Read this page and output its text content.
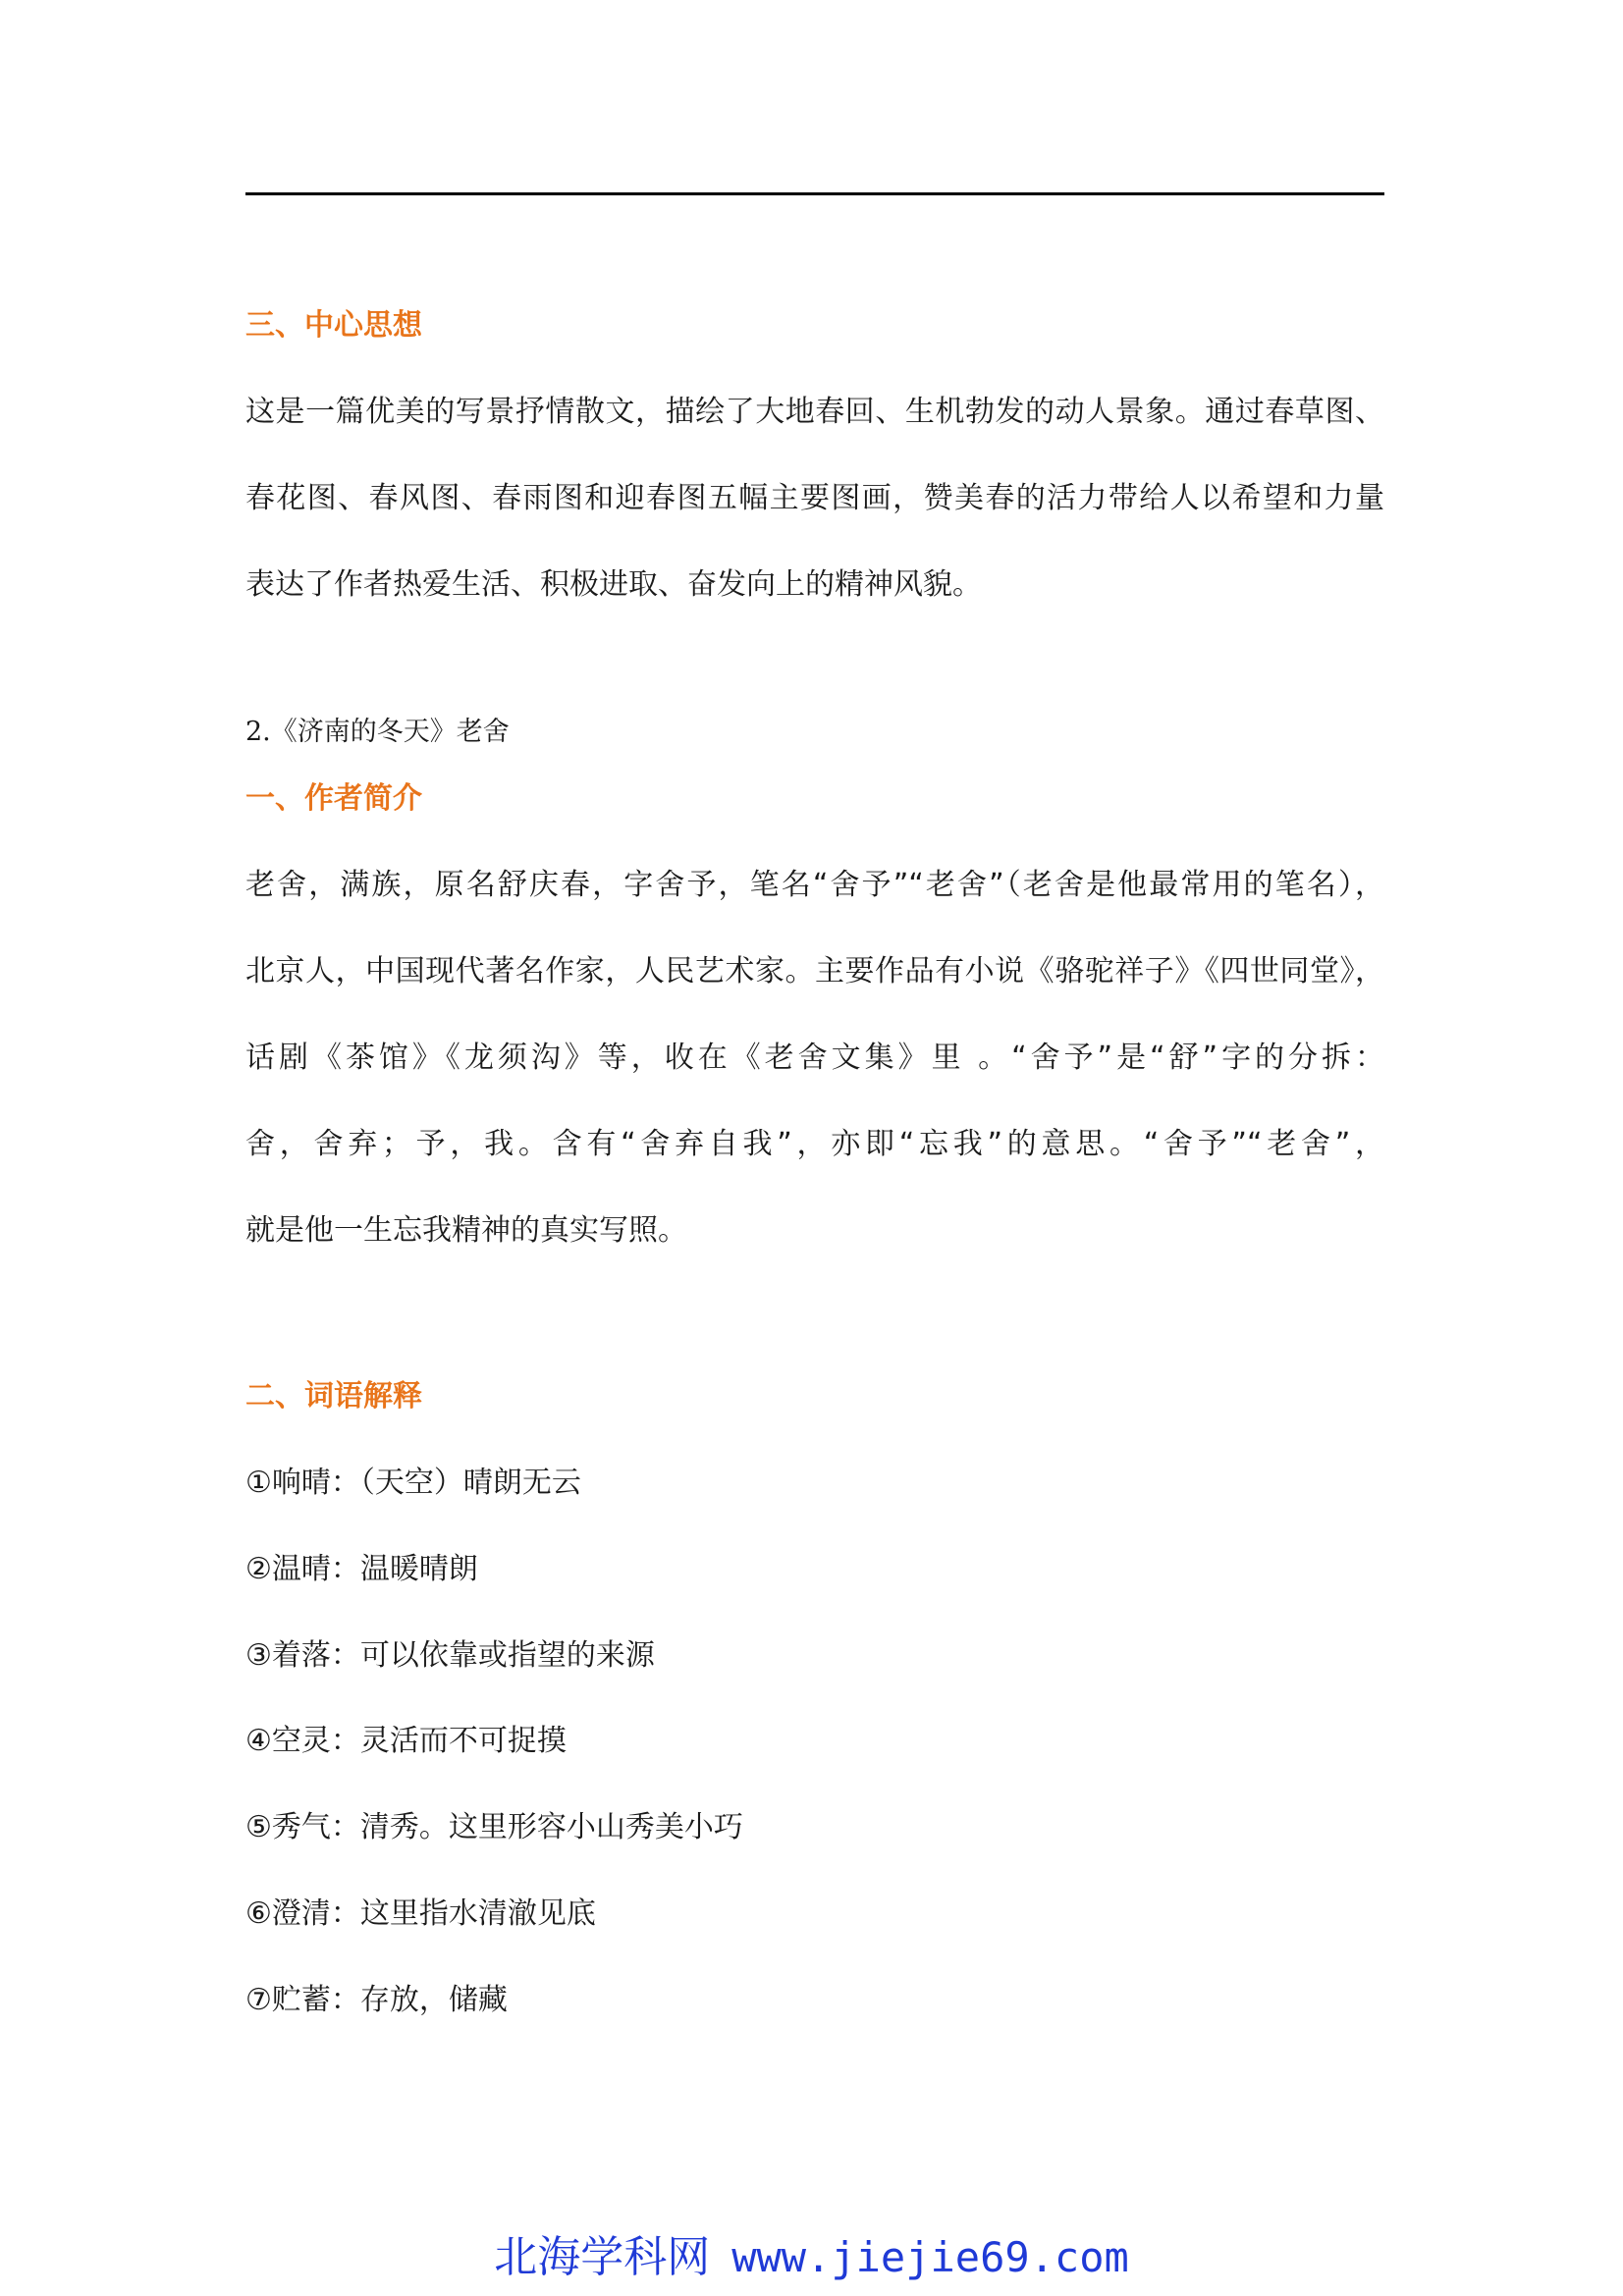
三、中心思想
这是一篇优美的写景抒情散文，描绘了大地春回、生机勃发的动人景象。通过春草图、
春花图、春风图、春雨图和迎春图五幅主要图画，赞美春的活力带给人以希望和力量
表达了作者热爱生活、积极进取、奋发向上的精神风貌。
2.《济南的冬天》老舍
一、作者简介
老舍，满族，原名舒庆春，字舍予，笔名“舍予”“老舍”（老舍是他最常用的笔名），
北京人，中国现代著名作家，人民艺术家。主要作品有小说《骆驼祥子》《四世同堂》，
话剧《茶馆》《龙须沟》等，收在《老舍文集》里 。“舍予”是“舒”字的分拆：
舍，舍弃；予，我。含有“舍弃自我”，亦即“忘我”的意思。“舍予”“老舍”，
就是他一生忘我精神的真实写照。
二、词语解释
①响晴：（天空）晴朗无云
②温晴：温暖晴朗
③着落：可以依靠或指望的来源
④空灵：灵活而不可捉摸
⑤秀气：清秀。这里形容小山秀美小巧
⑥澄清：这里指水清澈见底
⑦贮蓄：存放，储藏
北海学科网 www.jiejie69.com
